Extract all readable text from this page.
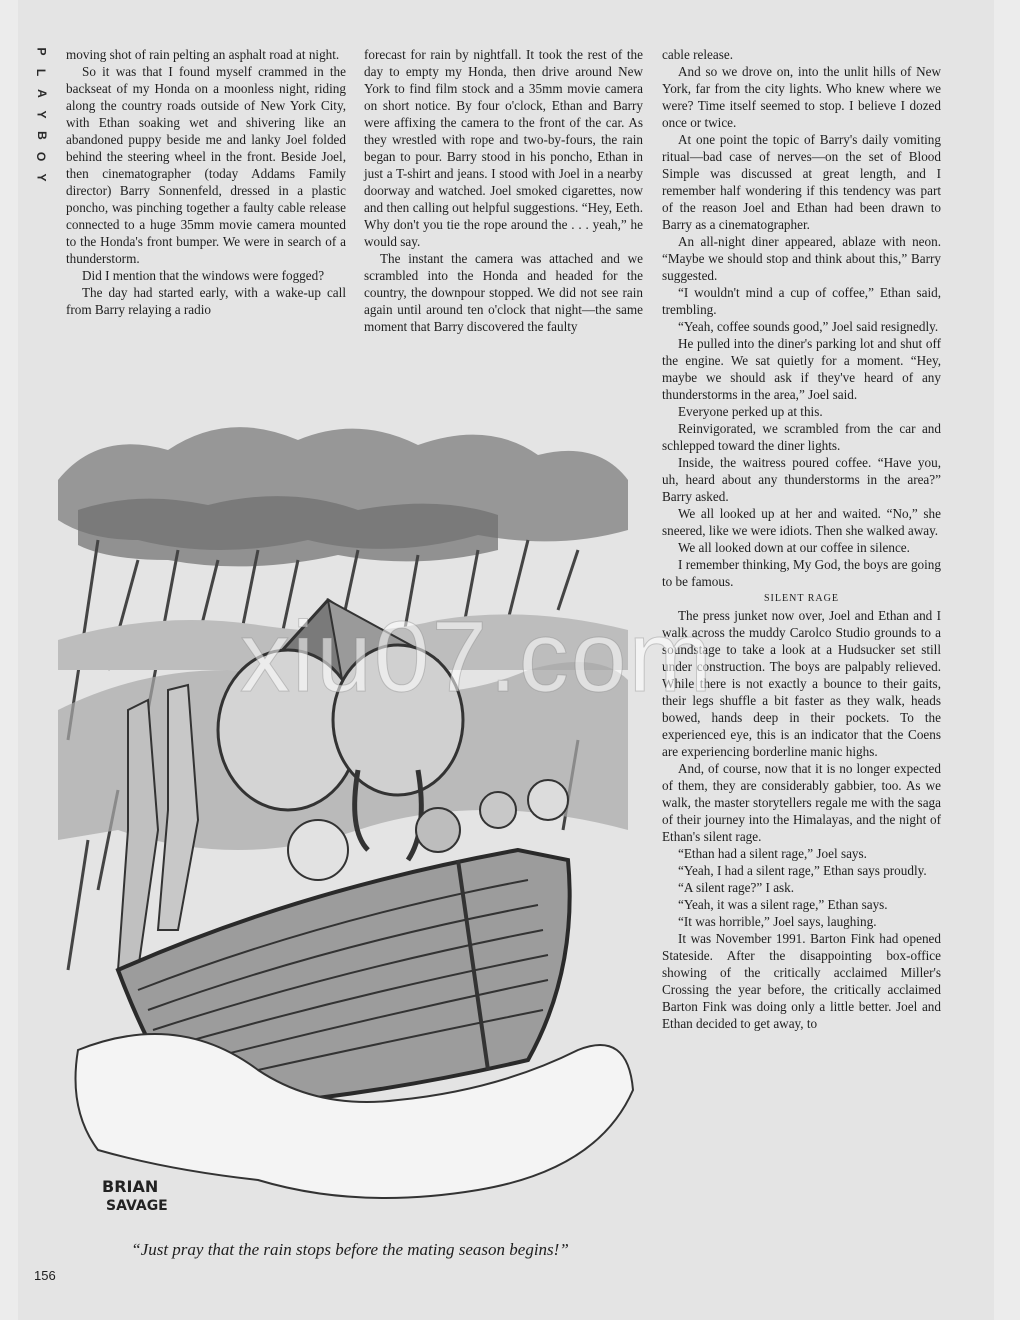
P
L
A
Y
B
O
Y

moving shot of rain pelting an asphalt road at night.

So it was that I found myself crammed in the backseat of my Honda on a moonless night, riding along the country roads outside of New York City, with Ethan soaking wet and shivering like an abandoned puppy beside me and lanky Joel folded behind the steering wheel in the front. Beside Joel, then cinematographer (today Addams Family director) Barry Sonnenfeld, dressed in a plastic poncho, was pinching together a faulty cable release connected to a huge 35mm movie camera mounted to the Honda's front bumper. We were in search of a thunderstorm.

Did I mention that the windows were fogged?

The day had started early, with a wake-up call from Barry relaying a radio

forecast for rain by nightfall. It took the rest of the day to empty my Honda, then drive around New York to find film stock and a 35mm movie camera on short notice. By four o'clock, Ethan and Barry were affixing the camera to the front of the car. As they wrestled with rope and two-by-fours, the rain began to pour. Barry stood in his poncho, Ethan in just a T-shirt and jeans. I stood with Joel in a nearby doorway and watched. Joel smoked cigarettes, now and then calling out helpful suggestions. “Hey, Eeth. Why don't you tie the rope around the . . . yeah,” he would say.

The instant the camera was attached and we scrambled into the Honda and headed for the country, the downpour stopped. We did not see rain again until around ten o'clock that night—the same moment that Barry discovered the faulty

cable release.

And so we drove on, into the unlit hills of New York, far from the city lights. Who knew where we were? Time itself seemed to stop. I believe I dozed once or twice.

At one point the topic of Barry's daily vomiting ritual—bad case of nerves—on the set of Blood Simple was discussed at great length, and I remember half wondering if this tendency was part of the reason Joel and Ethan had been drawn to Barry as a cinematographer.

An all-night diner appeared, ablaze with neon. “Maybe we should stop and think about this,” Barry suggested.

“I wouldn't mind a cup of coffee,” Ethan said, trembling.

“Yeah, coffee sounds good,” Joel said resignedly.

He pulled into the diner's parking lot and shut off the engine. We sat quietly for a moment. “Hey, maybe we should ask if they've heard of any thunderstorms in the area,” Joel said.

Everyone perked up at this.

Reinvigorated, we scrambled from the car and schlepped toward the diner lights.

Inside, the waitress poured coffee. “Have you, uh, heard about any thunderstorms in the area?” Barry asked.

We all looked up at her and waited. “No,” she sneered, like we were idiots. Then she walked away.

We all looked down at our coffee in silence.

I remember thinking, My God, the boys are going to be famous.

SILENT RAGE

The press junket now over, Joel and Ethan and I walk across the muddy Carolco Studio grounds to a soundstage to take a look at a Hudsucker set still under construction. The boys are palpably relieved. While there is not exactly a bounce to their gaits, their legs shuffle a bit faster as they walk, heads bowed, hands deep in their pockets. To the experienced eye, this is an indicator that the Coens are experiencing borderline manic highs.

And, of course, now that it is no longer expected of them, they are considerably gabbier, too. As we walk, the master storytellers regale me with the saga of their journey into the Himalayas, and the night of Ethan's silent rage.

“Ethan had a silent rage,” Joel says.

“Yeah, I had a silent rage,” Ethan says proudly.

“A silent rage?” I ask.

“Yeah, it was a silent rage,” Ethan says.

“It was horrible,” Joel says, laughing.

It was November 1991. Barton Fink had opened Stateside. After the disappointing box-office showing of the critically acclaimed Miller's Crossing the year before, the critically acclaimed Barton Fink was doing only a little better. Joel and Ethan decided to get away, to

BRIAN
SAVAGE
“Just pray that the rain stops before the mating season begins!”
156
xiu07.com
